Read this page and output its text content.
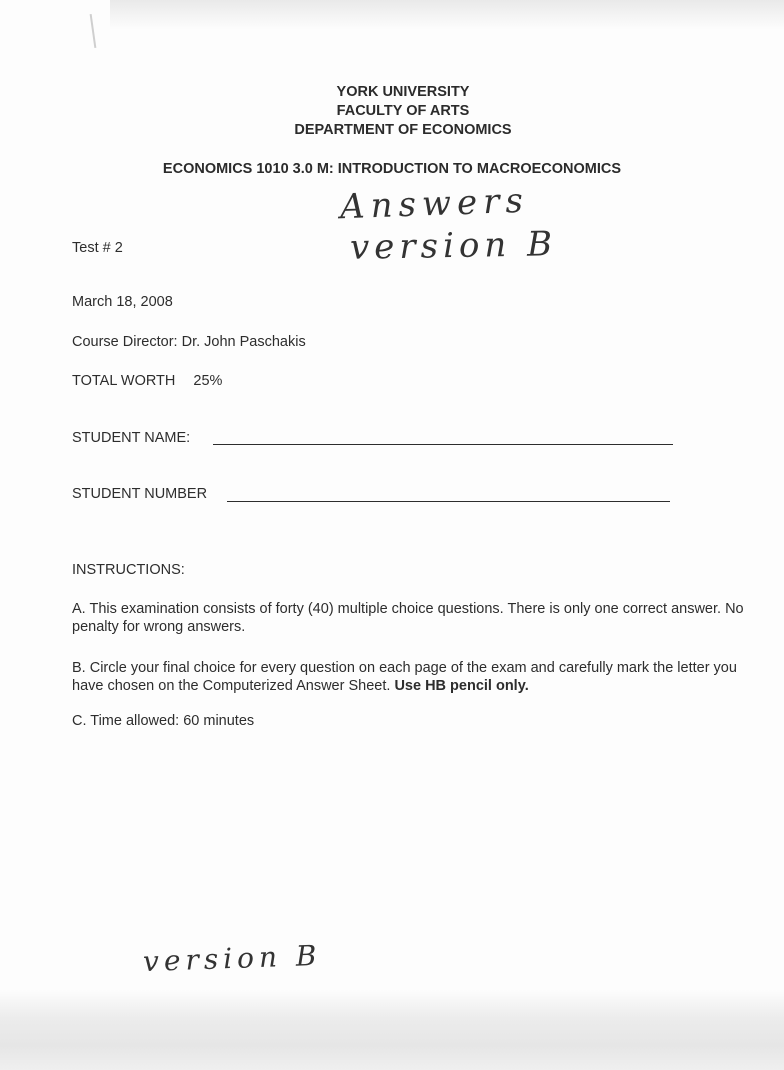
YORK UNIVERSITY
FACULTY OF ARTS
DEPARTMENT OF ECONOMICS
ECONOMICS 1010 3.0 M: INTRODUCTION TO MACROECONOMICS
Answers
version B
Test # 2
March 18, 2008
Course Director: Dr. John Paschakis
TOTAL WORTH 25%
STUDENT NAME:
STUDENT NUMBER
INSTRUCTIONS:
A. This examination consists of forty (40) multiple choice questions. There is only one correct answer. No penalty for wrong answers.
B. Circle your final choice for every question on each page of the exam and carefully mark the letter you have chosen on the Computerized Answer Sheet. Use HB pencil only.
C. Time allowed: 60 minutes
version B
